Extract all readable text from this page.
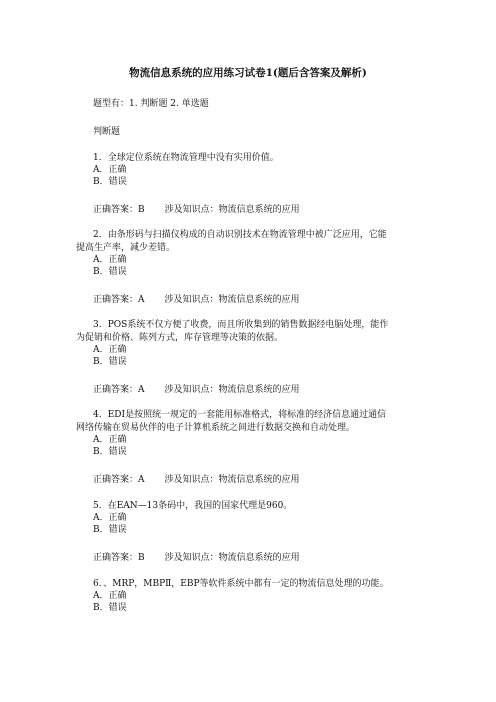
物流信息系统的应用练习试卷1(题后含答案及解析)
题型有：1. 判断题 2. 单选题
判断题
1．全球定位系统在物流管理中没有实用价值。
A．正确
B．错误
正确答案：B 涉及知识点：物流信息系统的应用
2．由条形码与扫描仪构成的自动识别技术在物流管理中被广泛应用，它能
提高生产率，减少差错。
A．正确
B．错误
正确答案：A 涉及知识点：物流信息系统的应用
3．POS系统不仅方便了收费，而且所收集到的销售数据经电脑处理，能作
为促销和价格、陈列方式，库存管理等决策的依据。
A．正确
B．错误
正确答案：A 涉及知识点：物流信息系统的应用
4．EDI是按照统一规定的一套能用标准格式，将标准的经济信息通过通信
网络传输在贸易伙伴的电子计算机系统之间进行数据交换和自动处理。
A．正确
B．错误
正确答案：A 涉及知识点：物流信息系统的应用
5．在EAN—13条码中，我国的国家代理是960。
A．正确
B．错误
正确答案：B 涉及知识点：物流信息系统的应用
6．、MRP，MBPⅡ，EBP等软件系统中都有一定的物流信息处理的功能。
A．正确
B．错误
